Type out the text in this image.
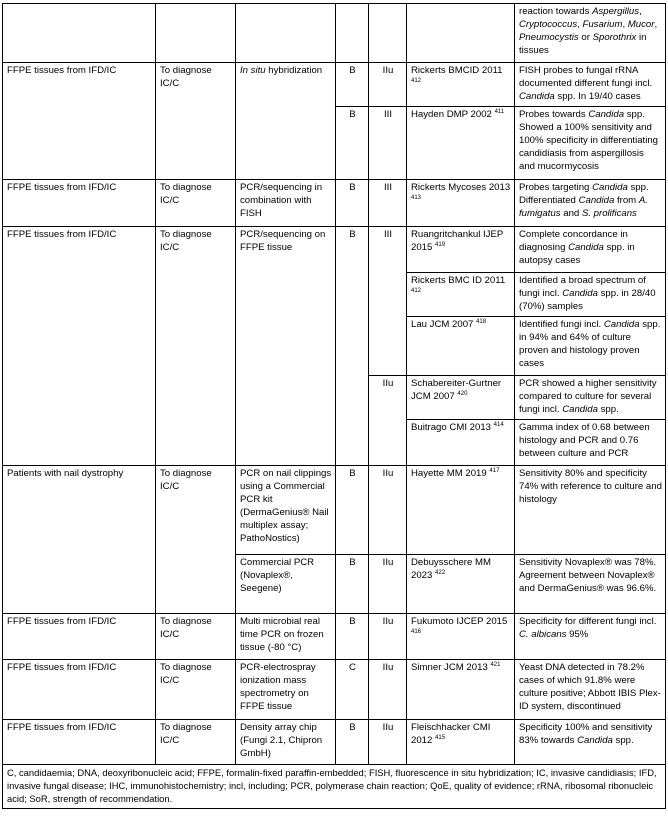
						reaction towards Aspergillus, Cryptococcus, Fusarium, Mucor, Pneumocystis or Sporothrix in tissues
FFPE tissues from IFD/IC	To diagnose IC/C	In situ hybridization	B	IIu	Rickerts BMCID 2011 $^{412}$	FISH probes to fungal rRNA documented different fungi incl. Candida spp. In 19/40 cases
			B	III	Hayden DMP 2002 $^{411}$	Probes towards Candida spp. Showed a 100% sensitivity and 100% specificity in differentiating candidiasis from aspergillosis and mucormycosis
FFPE tissues from IFD/IC	To diagnose IC/C	PCR/sequencing in combination with FISH	B	III	Rickerts Mycoses 2013 $^{413}$	Probes targeting Candida spp. Differentiated Candida from A. fumigatus and S. prolificans
FFPE tissues from IFD/IC	To diagnose IC/C	PCR/sequencing on FFPE tissue	B	III	Ruangritchankul IJEP 2015 $^{419}$	Complete concordance in diagnosing Candida spp. in autopsy cases
					Rickerts BMC ID 2011 $^{412}$	Identified a broad spectrum of fungi incl. Candida spp. in 28/40 (70%) samples
					Lau JCM 2007 $^{418}$	Identified fungi incl. Candida spp. in 94% and 64% of culture proven and histology proven cases
				IIu	Schabereiter-Gurtner JCM 2007 $^{420}$	PCR showed a higher sensitivity compared to culture for several fungi incl. Candida spp.
					Buitrago CMI 2013 $^{414}$	Gamma index of 0.68 between histology and PCR and 0.76 between culture and PCR
Patients with nail dystrophy	To diagnose IC/C	PCR on nail clippings using a Commercial PCR kit (DermaGenius® Nail multiplex assay; PathoNostics)	B	IIu	Hayette MM 2019 $^{417}$	Sensitivity 80% and specificity 74% with reference to culture and histology
		Commercial PCR (Novaplex®, Seegene)	B	IIu	Debuysschere MM 2023 $^{422}$	Sensitivity Novaplex® was 78%. Agreement between Novaplex® and DermaGenius® was 96.6%.
FFPE tissues from IFD/IC	To diagnose IC/C	Multi microbial real time PCR on frozen tissue (-80 °C)	B	IIu	Fukumoto IJCEP 2015 $^{416}$	Specificity for different fungi incl. C. albicans 95%
FFPE tissues from IFD/IC	To diagnose IC/C	PCR-electrospray ionization mass spectrometry on FFPE tissue	C	IIu	Simner JCM 2013 $^{421}$	Yeast DNA detected in 78.2% cases of which 91.8% were culture positive; Abbott IBIS Plex-ID system, discontinued
FFPE tissues from IFD/IC	To diagnose IC/C	Density array chip (Fungi 2.1, Chipron GmbH)	B	IIu	Fleischhacker CMI 2012 $^{415}$	Specificity 100% and sensitivity 83% towards Candida spp.
C, candidaemia; DNA, deoxyribonucleic acid; FFPE, formalin-fixed paraffin-embedded; FISH, fluorescence in situ hybridization; IC, invasive candidiasis; IFD, invasive fungal disease; IHC, immunohistochemistry; incl, including; PCR, polymerase chain reaction; QoE, quality of evidence; rRNA, ribosomal ribonucleic acid; SoR, strength of recommendation.						
